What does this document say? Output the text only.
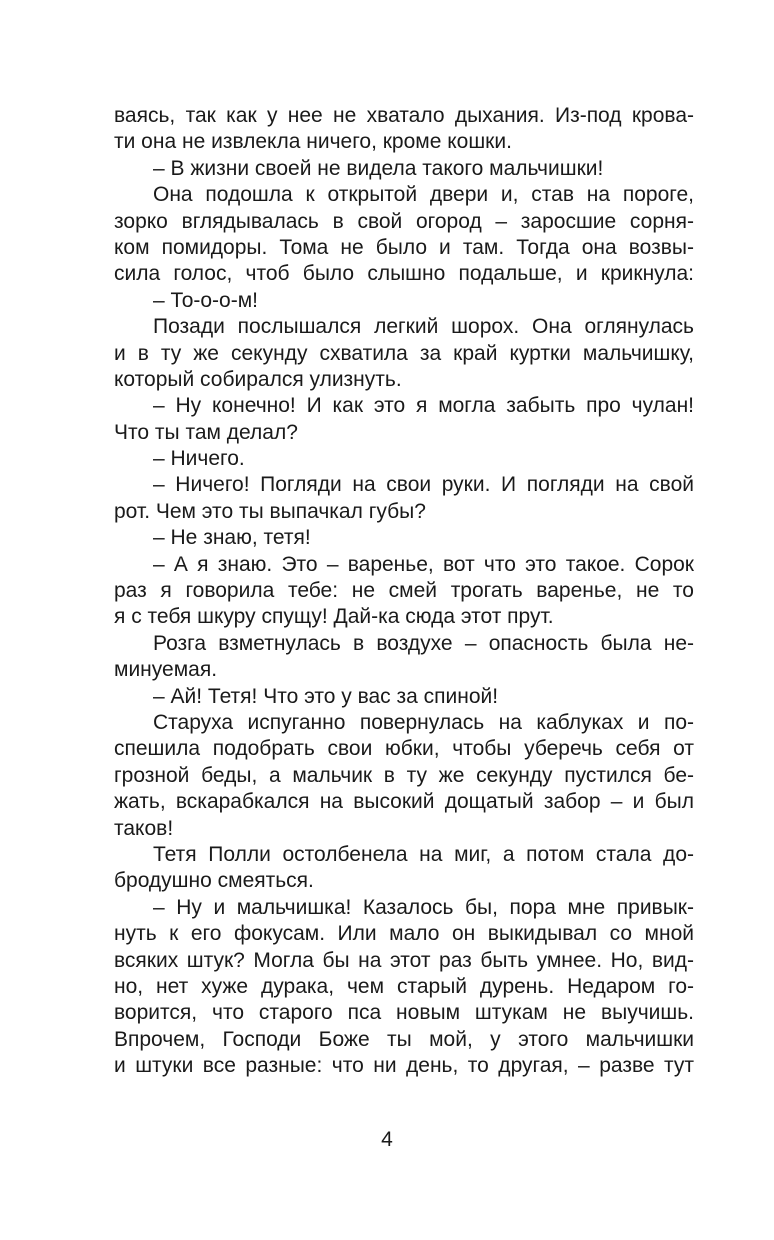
ваясь, так как у нее не хватало дыхания. Из-под крова-
ти она не извлекла ничего, кроме кошки.
– В жизни своей не видела такого мальчишки!
Она подошла к открытой двери и, став на пороге,
зорко вглядывалась в свой огород – заросшие сорня-
ком помидоры. Тома не было и там. Тогда она возвы-
сила голос, чтоб было слышно подальше, и крикнула:
– То-о-о-м!
Позади послышался легкий шорох. Она оглянулась
и в ту же секунду схватила за край куртки мальчишку,
который собирался улизнуть.
– Ну конечно! И как это я могла забыть про чулан!
Что ты там делал?
– Ничего.
– Ничего! Погляди на свои руки. И погляди на свой
рот. Чем это ты выпачкал губы?
– Не знаю, тетя!
– А я знаю. Это – варенье, вот что это такое. Сорок
раз я говорила тебе: не смей трогать варенье, не то
я с тебя шкуру спущу! Дай-ка сюда этот прут.
Розга взметнулась в воздухе – опасность была не-
минуемая.
– Ай! Тетя! Что это у вас за спиной!
Старуха испуганно повернулась на каблуках и по-
спешила подобрать свои юбки, чтобы уберечь себя от
грозной беды, а мальчик в ту же секунду пустился бе-
жать, вскарабкался на высокий дощатый забор – и был
таков!
Тетя Полли остолбенела на миг, а потом стала до-
бродушно смеяться.
– Ну и мальчишка! Казалось бы, пора мне привык-
нуть к его фокусам. Или мало он выкидывал со мной
всяких штук? Могла бы на этот раз быть умнее. Но, вид-
но, нет хуже дурака, чем старый дурень. Недаром го-
ворится, что старого пса новым штукам не выучишь.
Впрочем, Господи Боже ты мой, у этого мальчишки
и штуки все разные: что ни день, то другая, – разве тут
4
